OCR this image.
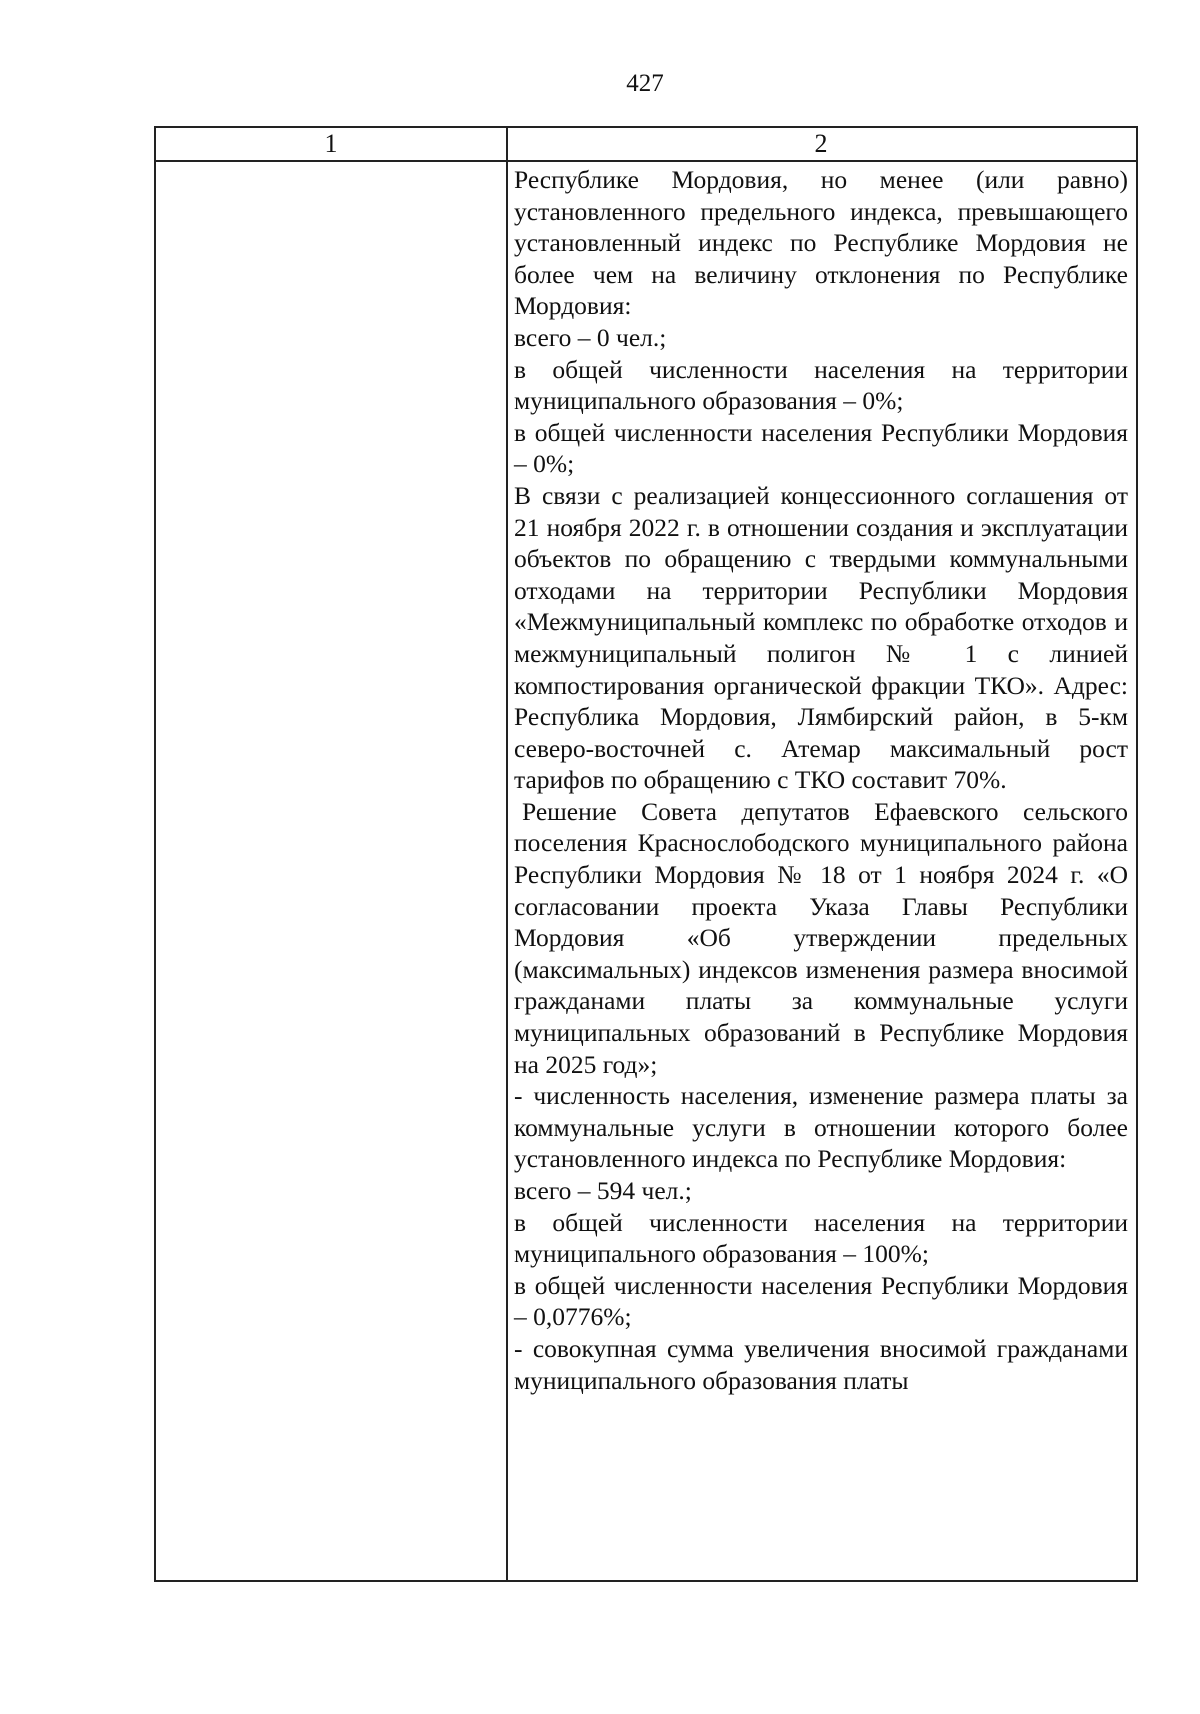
427
1	2

Республике Мордовия, но менее (или равно) установленного предельного индекса, превышающего установленный индекс по Республике Мордовия не более чем на величину отклонения по Республике Мордовия:

всего – 0 чел.;

в общей численности населения на территории муниципального образования – 0%;

в общей численности населения Республики Мордовия – 0%;

В связи с реализацией концессионного соглашения от 21 ноября 2022 г. в отношении создания и эксплуатации объектов по обращению с твердыми коммунальными отходами на территории Республики Мордовия «Межмуниципальный комплекс по обработке отходов и межмуниципальный полигон № 1 с линией компостирования органической фракции ТКО». Адрес: Республика Мордовия, Лямбирский район, в 5-км северо-восточней с. Атемар максимальный рост тарифов по обращению с ТКО составит 70%.

Решение Совета депутатов Ефаевского сельского поселения Краснослободского муниципального района Республики Мордовия № 18 от 1 ноября 2024 г. «О согласовании проекта Указа Главы Республики Мордовия «Об утверждении предельных (максимальных) индексов изменения размера вносимой гражданами платы за коммунальные услуги муниципальных образований в Республике Мордовия на 2025 год»;

- численность населения, изменение размера платы за коммунальные услуги в отношении которого более установленного индекса по Республике Мордовия:

всего – 594 чел.;

в общей численности населения на территории муниципального образования – 100%;

в общей численности населения Республики Мордовия – 0,0776%;

- совокупная сумма увеличения вносимой гражданами муниципального образования платы
